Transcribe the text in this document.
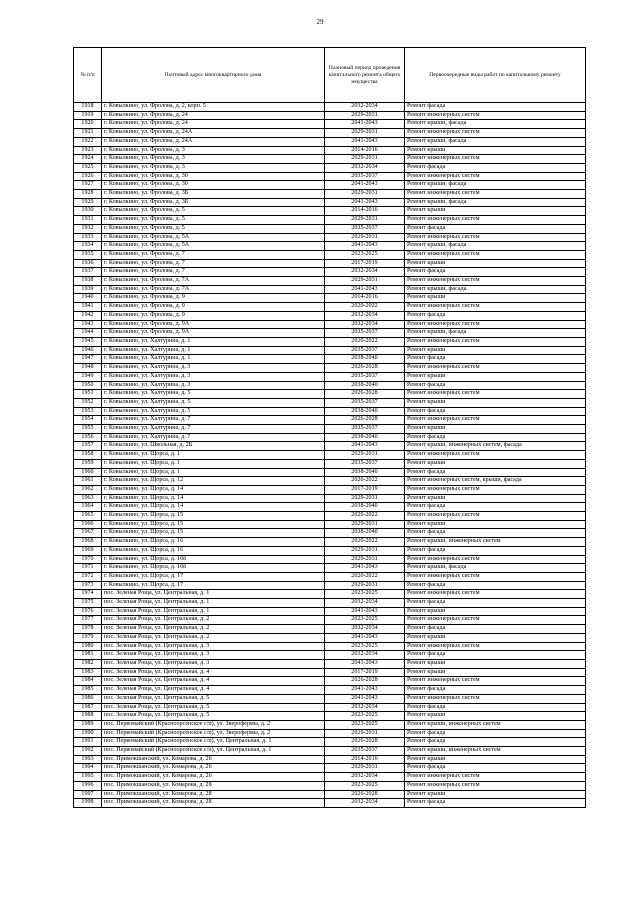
29
№ п/п	Почтовый адрес многоквартирного дома	Плановый период проведения капитального ремонта общего имущества	Первоочередные виды работ по капитальному ремонту
1918	г. Ковылкино, ул. Фролова, д. 2, корп. 5	2032-2034	Ремонт фасада
1919	г. Ковылкино, ул. Фролова, д. 24	2029-2031	Ремонт инженерных систем
1920	г. Ковылкино, ул. Фролова, д. 24	2041-2043	Ремонт крыши, фасада
1921	г. Ковылкино, ул. Фролова, д. 24А	2029-2031	Ремонт инженерных систем
1922	г. Ковылкино, ул. Фролова, д. 24А	2041-2043	Ремонт крыши, фасада
1923	г. Ковылкино, ул. Фролова, д. 3	2014-2016	Ремонт крыши
1924	г. Ковылкино, ул. Фролова, д. 3	2029-2031	Ремонт инженерных систем
1925	г. Ковылкино, ул. Фролова, д. 3	2032-2034	Ремонт фасада
1926	г. Ковылкино, ул. Фролова, д. 30	2035-2037	Ремонт инженерных систем
1927	г. Ковылкино, ул. Фролова, д. 30	2041-2043	Ремонт крыши, фасада
1928	г. Ковылкино, ул. Фролова, д. 3Б	2029-2031	Ремонт инженерных систем
1929	г. Ковылкино, ул. Фролова, д. 3Б	2041-2043	Ремонт крыши, фасада
1930	г. Ковылкино, ул. Фролова, д. 5	2014-2016	Ремонт крыши
1931	г. Ковылкино, ул. Фролова, д. 5	2029-2031	Ремонт инженерных систем
1932	г. Ковылкино, ул. Фролова, д. 5	2035-2037	Ремонт фасада
1933	г. Ковылкино, ул. Фролова, д. 5А	2029-2031	Ремонт инженерных систем
1934	г. Ковылкино, ул. Фролова, д. 5А	2041-2043	Ремонт крыши, фасада
1935	г. Ковылкино, ул. Фролова, д. 7	2023-2025	Ремонт инженерных систем
1936	г. Ковылкино, ул. Фролова, д. 7	2017-2019	Ремонт крыши
1937	г. Ковылкино, ул. Фролова, д. 7	2032-2034	Ремонт фасада
1938	г. Ковылкино, ул. Фролова, д. 7А	2029-2031	Ремонт инженерных систем
1939	г. Ковылкино, ул. Фролова, д. 7А	2041-2043	Ремонт крыши, фасада
1940	г. Ковылкино, ул. Фролова, д. 9	2014-2016	Ремонт крыши
1941	г. Ковылкино, ул. Фролова, д. 9	2020-2022	Ремонт инженерных систем
1942	г. Ковылкино, ул. Фролова, д. 9	2032-2034	Ремонт фасада
1943	г. Ковылкино, ул. Фролова, д. 9А	2032-2034	Ремонт инженерных систем
1944	г. Ковылкино, ул. Фролова, д. 9А	2035-2037	Ремонт крыши, фасада
1945	г. Ковылкино, ул. Халтурина, д. 1	2020-2022	Ремонт инженерных систем
1946	г. Ковылкино, ул. Халтурина, д. 1	2035-2037	Ремонт крыши
1947	г. Ковылкино, ул. Халтурина, д. 1	2038-2040	Ремонт фасада
1948	г. Ковылкино, ул. Халтурина, д. 3	2026-2028	Ремонт инженерных систем
1949	г. Ковылкино, ул. Халтурина, д. 3	2035-2037	Ремонт крыши
1950	г. Ковылкино, ул. Халтурина, д. 3	2038-2040	Ремонт фасада
1951	г. Ковылкино, ул. Халтурина, д. 5	2026-2028	Ремонт инженерных систем
1952	г. Ковылкино, ул. Халтурина, д. 5	2035-2037	Ремонт крыши
1953	г. Ковылкино, ул. Халтурина, д. 5	2038-2040	Ремонт фасада
1954	г. Ковылкино, ул. Халтурина, д. 7	2026-2028	Ремонт инженерных систем
1955	г. Ковылкино, ул. Халтурина, д. 7	2035-2037	Ремонт крыши
1956	г. Ковылкино, ул. Халтурина, д. 7	2038-2040	Ремонт фасада
1957	г. Ковылкино, ул. Школьная, д. 2Б	2041-2043	Ремонт крыши, инженерных систем, фасада
1958	г. Ковылкино, ул. Щорса, д. 1	2029-2031	Ремонт инженерных систем
1959	г. Ковылкино, ул. Щорса, д. 1	2035-2037	Ремонт крыши
1960	г. Ковылкино, ул. Щорса, д. 1	2038-2040	Ремонт фасада
1961	г. Ковылкино, ул. Щорса, д. 12	2020-2022	Ремонт инженерных систем, крыши, фасада
1962	г. Ковылкино, ул. Щорса, д. 14	2017-2019	Ремонт инженерных систем
1963	г. Ковылкино, ул. Щорса, д. 14	2029-2031	Ремонт крыши
1964	г. Ковылкино, ул. Щорса, д. 14	2038-2040	Ремонт фасада
1965	г. Ковылкино, ул. Щорса, д. 15	2020-2022	Ремонт инженерных систем
1966	г. Ковылкино, ул. Щорса, д. 15	2029-2031	Ремонт крыши
1967	г. Ковылкино, ул. Щорса, д. 15	2038-2040	Ремонт фасада
1968	г. Ковылкино, ул. Щорса, д. 16	2020-2022	Ремонт крыши, инженерных систем
1969	г. Ковылкино, ул. Щорса, д. 16	2029-2031	Ремонт фасада
1970	г. Ковылкино, ул. Щорса, д. 16б	2029-2031	Ремонт инженерных систем
1971	г. Ковылкино, ул. Щорса, д. 16б	2041-2043	Ремонт крыши, фасада
1972	г. Ковылкино, ул. Щорса, д. 17	2020-2022	Ремонт инженерных систем
1973	г. Ковылкино, ул. Щорса, д. 17	2029-2031	Ремонт фасада
1974	пос. Зеленая Роща, ул. Центральная, д. 1	2023-2025	Ремонт инженерных систем
1975	пос. Зеленая Роща, ул. Центральная, д. 1	2032-2034	Ремонт фасада
1976	пос. Зеленая Роща, ул. Центральная, д. 1	2041-2043	Ремонт крыши
1977	пос. Зеленая Роща, ул. Центральная, д. 2	2023-2025	Ремонт инженерных систем
1978	пос. Зеленая Роща, ул. Центральная, д. 2	2032-2034	Ремонт фасада
1979	пос. Зеленая Роща, ул. Центральная, д. 2	2041-2043	Ремонт крыши
1980	пос. Зеленая Роща, ул. Центральная, д. 3	2023-2025	Ремонт инженерных систем
1981	пос. Зеленая Роща, ул. Центральная, д. 3	2032-2034	Ремонт фасада
1982	пос. Зеленая Роща, ул. Центральная, д. 3	2041-2043	Ремонт крыши
1983	пос. Зеленая Роща, ул. Центральная, д. 4	2017-2019	Ремонт крыши
1984	пос. Зеленая Роща, ул. Центральная, д. 4	2026-2028	Ремонт инженерных систем
1985	пос. Зеленая Роща, ул. Центральная, д. 4	2041-2043	Ремонт фасада
1986	пос. Зеленая Роща, ул. Центральная, д. 5	2041-2043	Ремонт инженерных систем
1987	пос. Зеленая Роща, ул. Центральная, д. 5	2032-2034	Ремонт фасада
1988	пос. Зеленая Роща, ул. Центральная, д. 5	2023-2025	Ремонт крыши
1989	пос. Первомайский (Красноорсенское с/п), ул. Зверофермы, д. 2	2023-2025	Ремонт крыши, инженерных систем
1990	пос. Первомайский (Красноорсенское с/п), ул. Зверофермы, д. 2	2029-2031	Ремонт фасада
1991	пос. Первомайский (Красноорсенское с/п), ул. Центральная, д. 1	2026-2028	Ремонт фасада
1992	пос. Первомайский (Красноорсенское с/п), ул. Центральная, д. 1	2035-2037	Ремонт крыши, инженерных систем
1993	пос. Примокшанский, ул. Комарова, д. 26	2014-2016	Ремонт крыши
1994	пос. Примокшанский, ул. Комарова, д. 26	2029-2031	Ремонт фасада
1995	пос. Примокшанский, ул. Комарова, д. 26	2032-2034	Ремонт инженерных систем
1996	пос. Примокшанский, ул. Комарова, д. 28	2023-2025	Ремонт инженерных систем
1997	пос. Примокшанский, ул. Комарова, д. 28	2026-2028	Ремонт крыши
1998	пос. Примокшанский, ул. Комарова, д. 28	2032-2034	Ремонт фасада
